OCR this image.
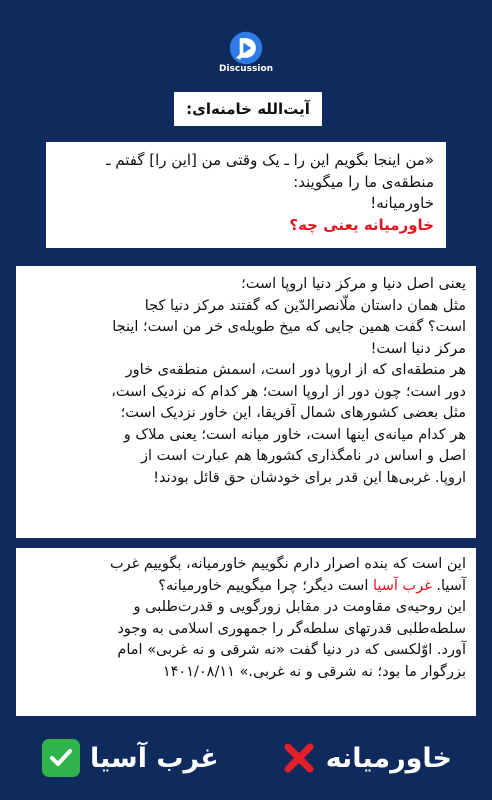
Discussion
آیت‌الله خامنه‌ای:

«من اینجا بگویم این را ـ یک وقتی من [این را] گفتم ـ
منطقه‌ی ما را میگویند:
خاورمیانه!
خاورمیانه یعنی چه؟

یعنی اصل دنیا و مرکز دنیا اروپا است؛
مثل همان داستان ملّانصرالدّین که گفتند مرکز دنیا کجا
است؟ گفت همین جایی که میخ طویله‌ی خر من است؛ اینجا
مرکز دنیا است!
هر منطقه‌ای که از اروپا دور است، اسمش منطقه‌ی خاور
دور است؛ چون دور از اروپا است؛ هر کدام که نزدیک است،
مثل بعضی کشورهای شمال آفریقا، این خاور نزدیک است؛
هر کدام میانه‌ی اینها است، خاور میانه است؛ یعنی ملاک و
اصل و اساس در نامگذاری کشورها هم عبارت است از
اروپا. غربی‌ها این قدر برای خودشان حق قائل بودند!

این است که بنده اصرار دارم نگوییم خاورمیانه، بگوییم غرب
آسیا. غرب آسیا است دیگر؛ چرا میگوییم خاورمیانه؟
این روحیه‌ی مقاومت در مقابل زورگویی و قدرت‌طلبی و
سلطه‌طلبی قدرتهای سلطه‌گر را جمهوری اسلامی به وجود
آورد. اوّلکسی که در دنیا گفت «نه شرقی و نه غربی» امام
بزرگوار ما بود؛ نه شرقی و نه غربی.» ۱۴۰۱/۰۸/۱۱

غرب آسیا	خاورمیانه
